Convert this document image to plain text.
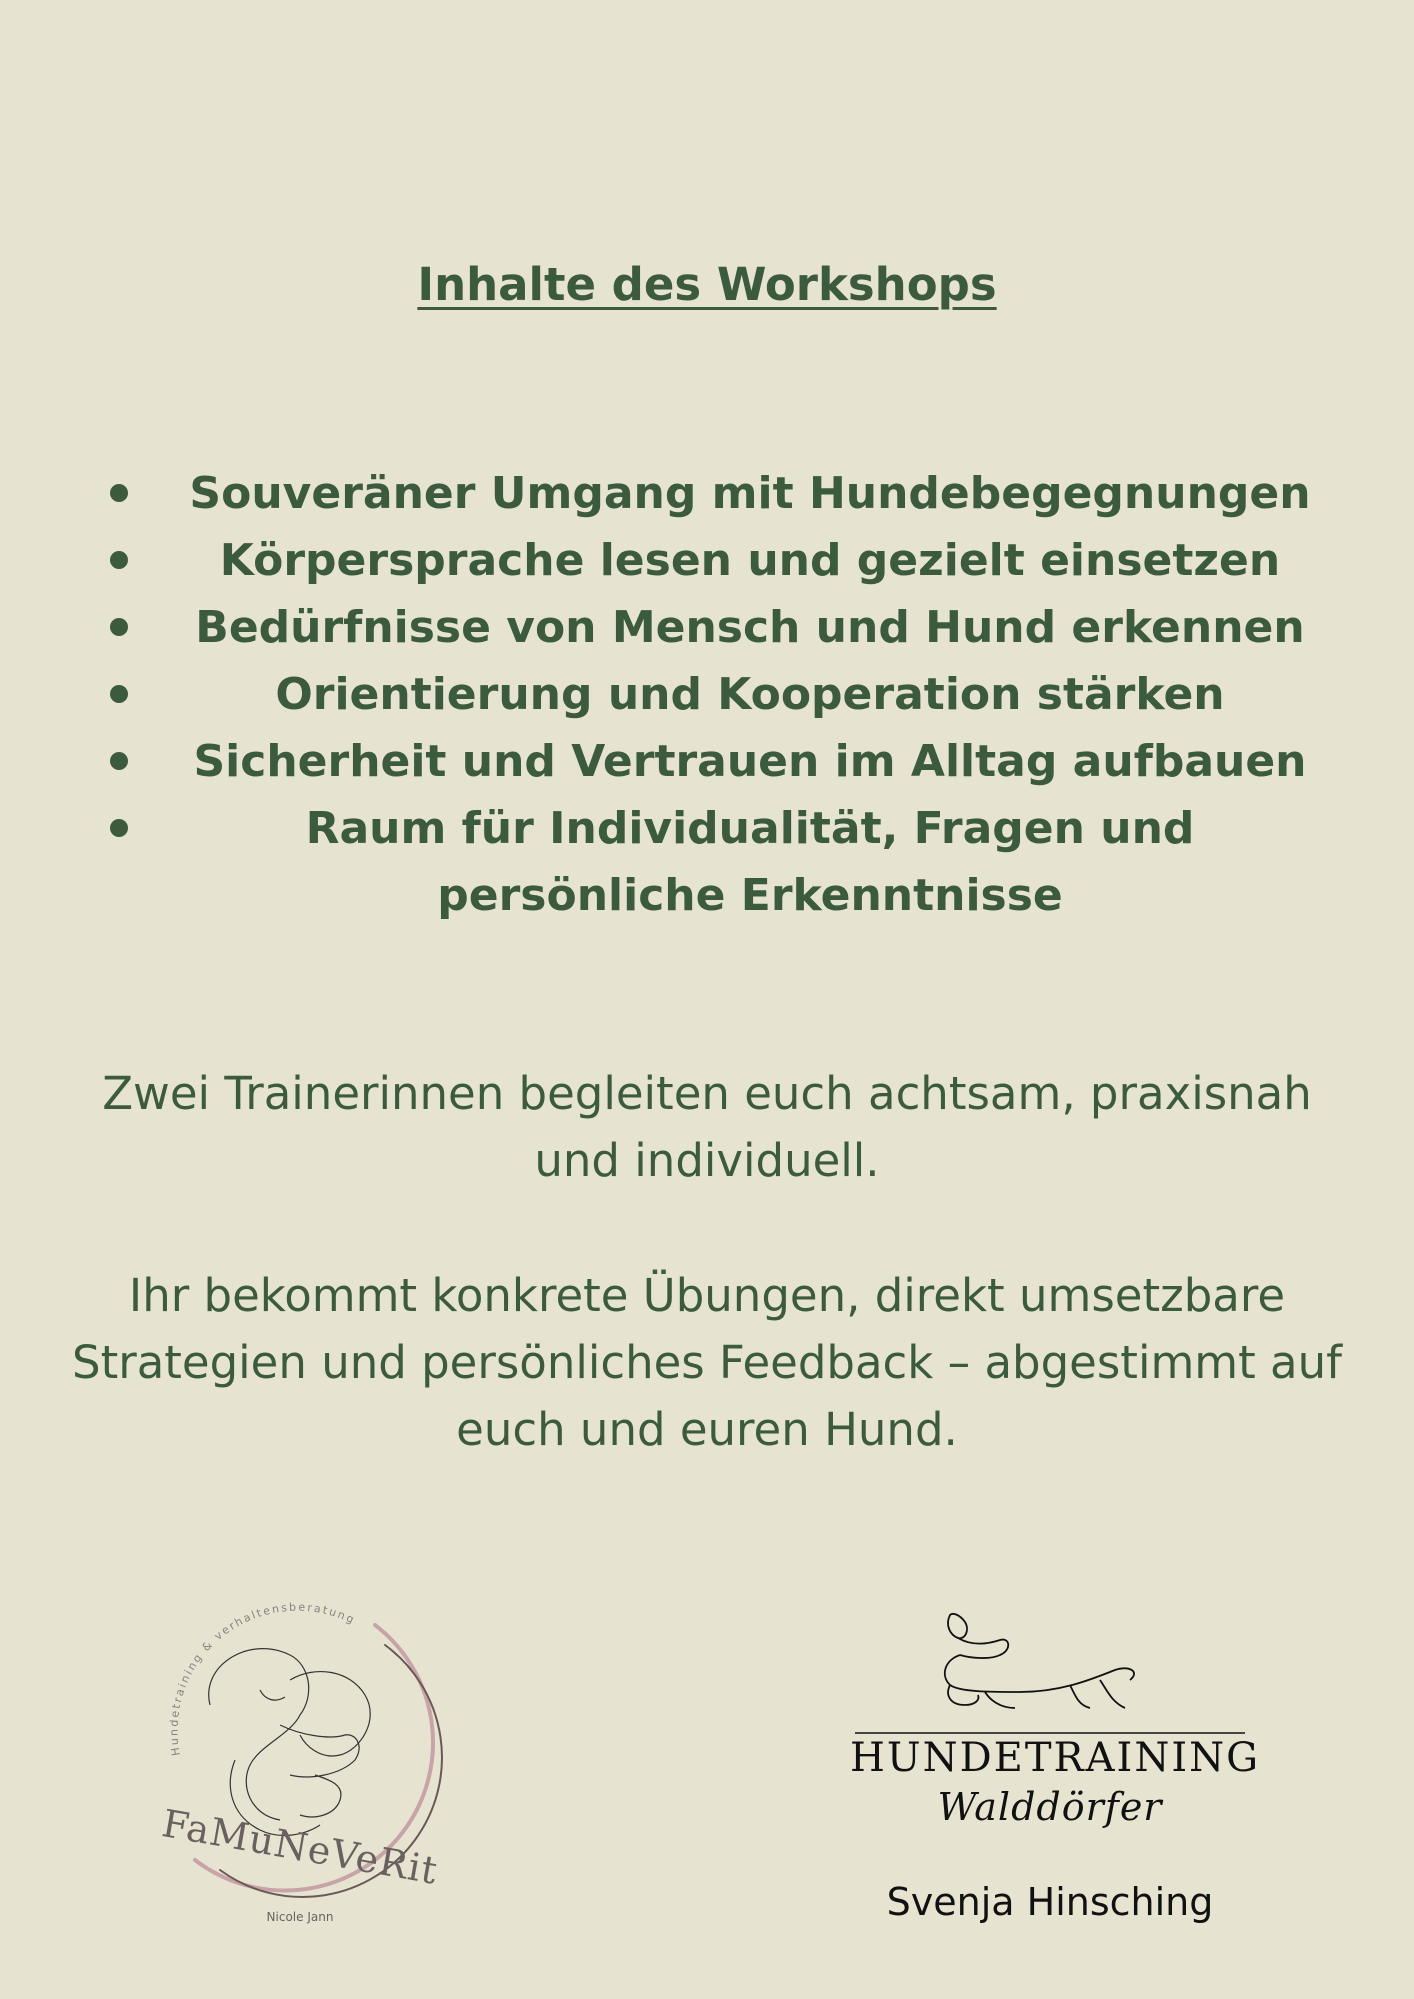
Inhalte des Workshops
Souveräner Umgang mit Hundebegegnungen
Körpersprache lesen und gezielt einsetzen
Bedürfnisse von Mensch und Hund erkennen
Orientierung und Kooperation stärken
Sicherheit und Vertrauen im Alltag aufbauen
Raum für Individualität, Fragen und persönliche Erkenntnisse
Zwei Trainerinnen begleiten euch achtsam, praxisnah und individuell.
Ihr bekommt konkrete Übungen, direkt umsetzbare Strategien und persönliches Feedback – abgestimmt auf euch und euren Hund.
Hundetraining & verhaltensberatung
FaMuNeVeRit
Nicole Jann
HUNDETRAINING
Walddörfer
Svenja Hinsching
